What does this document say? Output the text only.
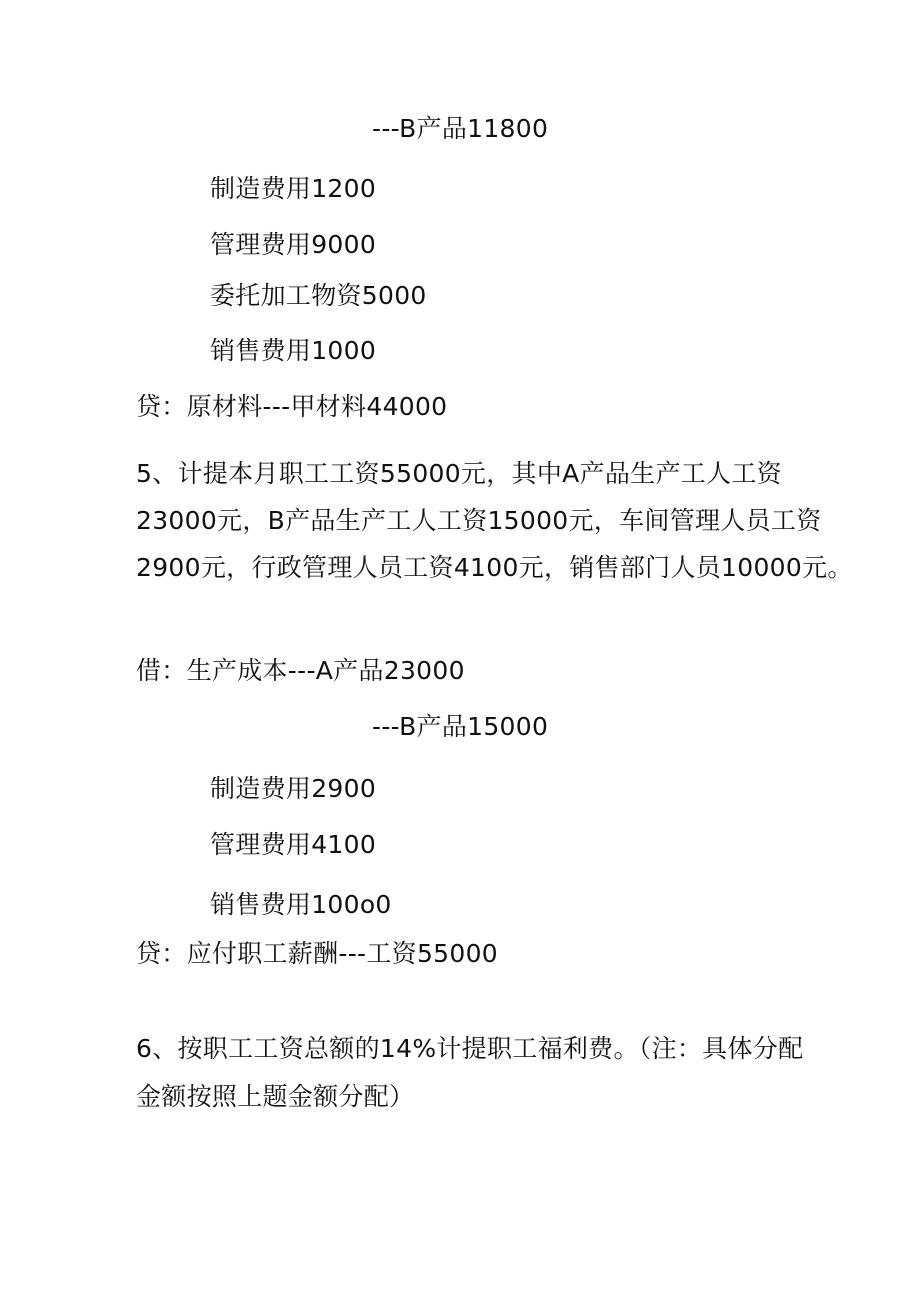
---B产品11800
制造费用1200
管理费用9000
委托加工物资5000
销售费用1000
贷：原材料---甲材料44000
5、计提本月职工工资55000元，其中A产品生产工人工资
23000元，B产品生产工人工资15000元，车间管理人员工资
2900元，行政管理人员工资4100元，销售部门人员10000元。
借：生产成本---A产品23000
---B产品15000
制造费用2900
管理费用4100
销售费用100o0
贷：应付职工薪酬---工资55000
6、按职工工资总额的14%计提职工福利费。（注：具体分配
金额按照上题金额分配）
